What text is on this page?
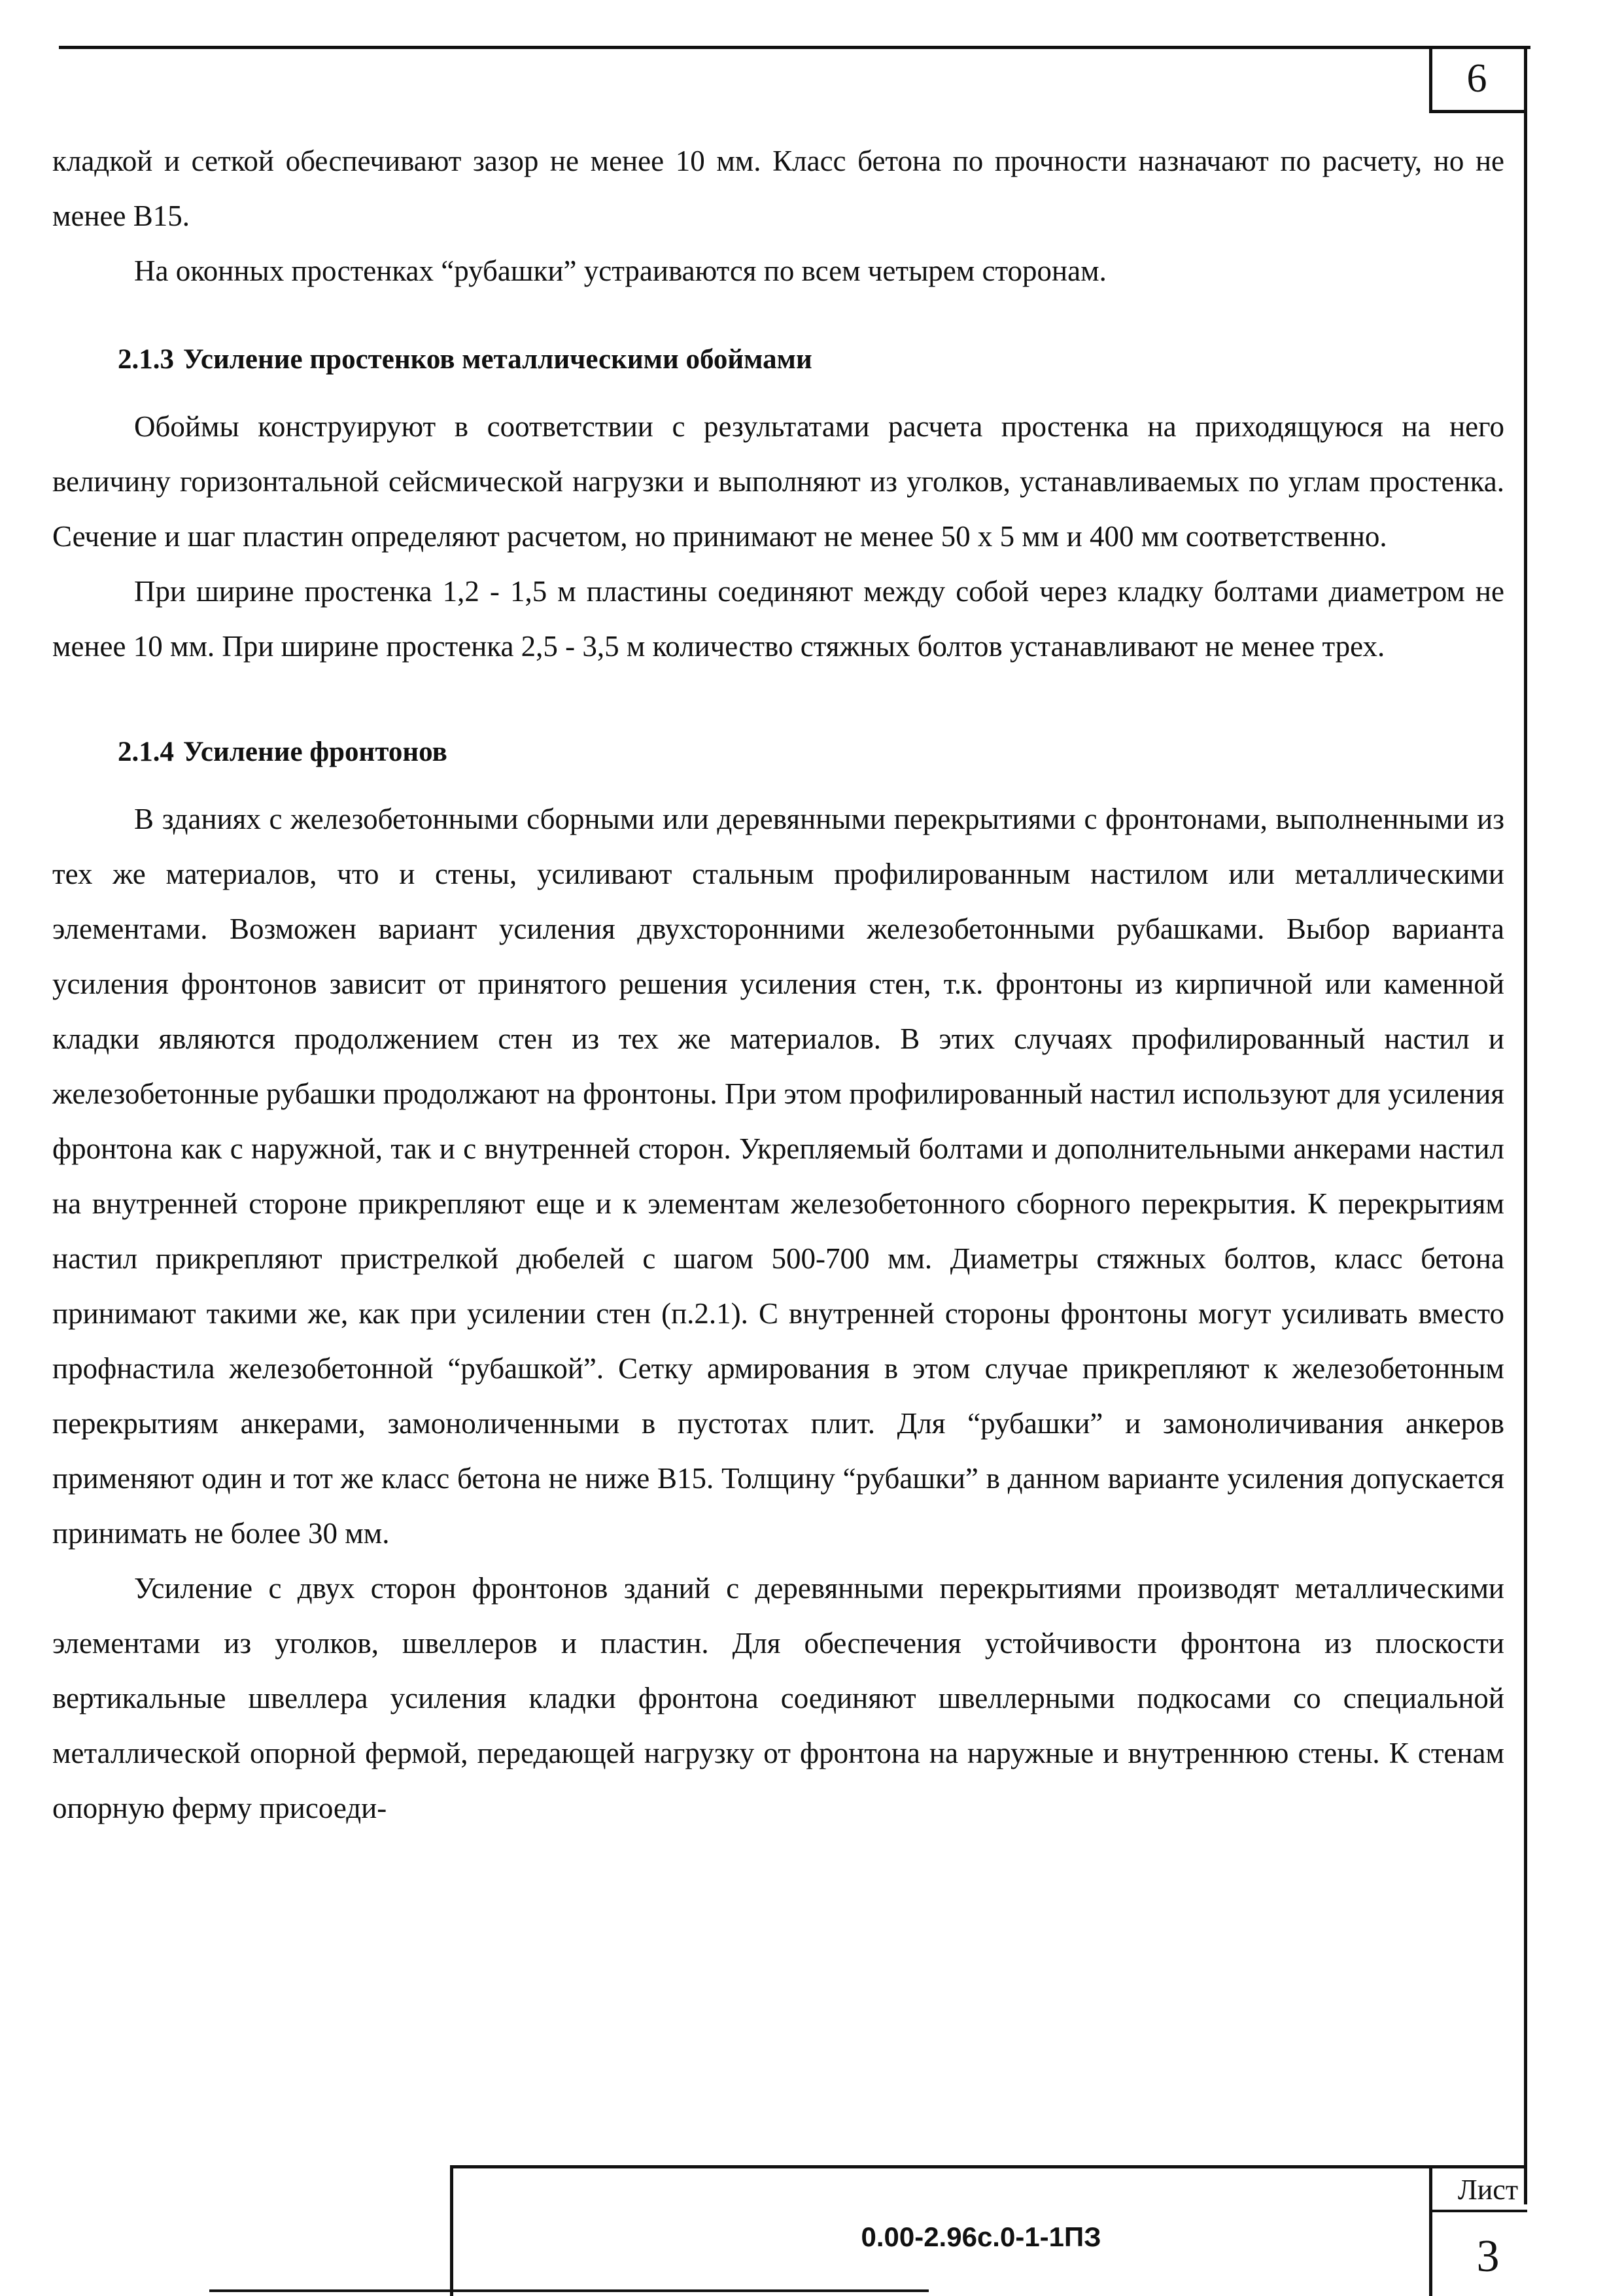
6

кладкой и сеткой обеспечивают зазор не менее 10 мм. Класс бетона по прочности назначают по расчету, но не менее В15.

На оконных простенках “рубашки” устраиваются по всем четырем сторонам.

2.1.3 Усиление простенков металлическими обоймами

Обоймы конструируют в соответствии с результатами расчета простенка на приходящуюся на него величину горизонтальной сейсмической нагрузки и выполняют из уголков, устанавливаемых по углам простенка. Сечение и шаг пластин определяют расчетом, но принимают не менее 50 х 5 мм и 400 мм соответственно.

При ширине простенка 1,2 - 1,5 м пластины соединяют между собой через кладку болтами диаметром не менее 10 мм. При ширине простенка 2,5 - 3,5 м количество стяжных болтов устанавливают не менее трех.

2.1.4 Усиление фронтонов

В зданиях с железобетонными сборными или деревянными перекрытиями с фронтонами, выполненными из тех же материалов, что и стены, усиливают стальным профилированным настилом или металлическими элементами. Возможен вариант усиления двухсторонними железобетонными рубашками. Выбор варианта усиления фронтонов зависит от принятого решения усиления стен, т.к. фронтоны из кирпичной или каменной кладки являются продолжением стен из тех же материалов. В этих случаях профилированный настил и железобетонные рубашки продолжают на фронтоны. При этом профилированный настил используют для усиления фронтона как с наружной, так и с внутренней сторон. Укрепляемый болтами и дополнительными анкерами настил на внутренней стороне прикрепляют еще и к элементам железобетонного сборного перекрытия. К перекрытиям настил прикрепляют пристрелкой дюбелей с шагом 500-700 мм. Диаметры стяжных болтов, класс бетона принимают такими же, как при усилении стен (п.2.1). С внутренней стороны фронтоны могут усиливать вместо профнастила железобетонной “рубашкой”. Сетку армирования в этом случае прикрепляют к железобетонным перекрытиям анкерами, замоноличенными в пустотах плит. Для “рубашки” и замоноличивания анкеров применяют один и тот же класс бетона не ниже В15. Толщину “рубашки” в данном варианте усиления допускается принимать не более 30 мм.

Усиление с двух сторон фронтонов зданий с деревянными перекрытиями производят металлическими элементами из уголков, швеллеров и пластин. Для обеспечения устойчивости фронтона из плоскости вертикальные швеллера усиления кладки фронтона соединяют швеллерными подкосами со специальной металлической опорной фермой, передающей нагрузку от фронтона на наружные и внутреннюю стены. К стенам опорную ферму присоеди-

Лист
0.00-2.96с.0-1-1ПЗ	3
